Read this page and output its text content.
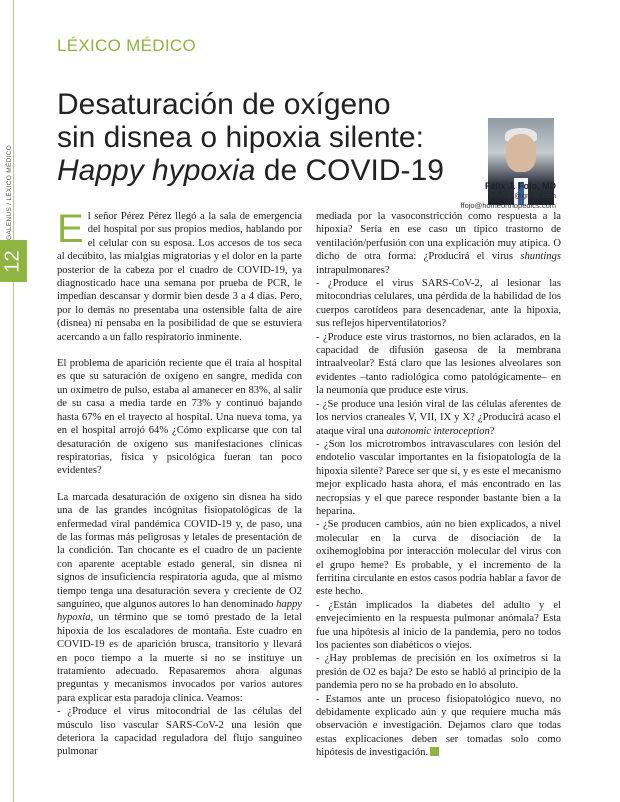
12
GALENUS / LÉXICO MÉDICO
LÉXICO MÉDICO
Desaturación de oxígeno
sin disnea o hipoxia silente:
Happy hypoxia de COVID-19	Félix J. Fojo, MD
felixfojo@gmail.com
ffojo@homeorthopedics.com

El señor Pérez Pérez llegó a la sala de emergencia del hospital por sus propios medios, hablando por el celular con su esposa. Los accesos de tos seca al decúbito, las mialgias migratorias y el dolor en la parte posterior de la cabeza por el cuadro de COVID-19, ya diagnosticado hace una semana por prueba de PCR, le impedían descansar y dormir bien desde 3 a 4 días. Pero, por lo demás no presentaba una ostensible falta de aire (disnea) ni pensaba en la posibilidad de que se estuviera acercando a un fallo respiratorio inminente.

El problema de aparición reciente que él traía al hospital es que su saturación de oxígeno en sangre, medida con un oxímetro de pulso, estaba al amanecer en 83%, al salir de su casa a media tarde en 73% y continuó bajando hasta 67% en el trayecto al hospital. Una nueva toma, ya en el hospital arrojó 64% ¿Cómo explicarse que con tal desaturación de oxígeno sus manifestaciones clínicas respiratorias, física y psicológica fueran tan poco evidentes?

La marcada desaturación de oxígeno sin disnea ha sido una de las grandes incógnitas fisiopatológicas de la enfermedad viral pandémica COVID-19 y, de paso, una de las formas más peligrosas y letales de presentación de la condición. Tan chocante es el cuadro de un paciente con aparente aceptable estado general, sin disnea ni signos de insuficiencia respiratoria aguda, que al mismo tiempo tenga una desaturación severa y creciente de O2 sanguíneo, que algunos autores lo han denominado happy hypoxia, un término que se tomó prestado de la letal hipoxia de los escaladores de montaña. Este cuadro en COVID-19 es de aparición brusca, transitorio y llevará en poco tiempo a la muerte si no se instituye un tratamiento adecuado. Repasaremos ahora algunas preguntas y mecanismos invocados por varios autores para explicar esta paradoja clínica. Veamos:

- ¿Produce el virus mitocondrial de las células del músculo liso vascular SARS-CoV-2 una lesión que deteriora la capacidad reguladora del flujo sanguíneo pulmonar

mediada por la vasoconstricción como respuesta a la hipoxia? Sería en ese caso un típico trastorno de ventilación/perfusión con una explicación muy atípica. O dicho de otra forma: ¿Producirá el virus shuntings intrapulmonares?

- ¿Produce el virus SARS-CoV-2, al lesionar las mitocondrias celulares, una pérdida de la habilidad de los cuerpos carotídeos para desencadenar, ante la hipoxia, sus reflejos hiperventilatorios?

- ¿Produce este virus trastornos, no bien aclarados, en la capacidad de difusión gaseosa de la membrana intraalveolar? Está claro que las lesiones alveolares son evidentes –tanto radiológica como patológicamente– en la neumonía que produce este virus.

- ¿Se produce una lesión viral de las células aferentes de los nervios craneales V, VII, IX y X? ¿Producirá acaso el ataque viral una autonomic interoception?

- ¿Son los microtrombos intravasculares con lesión del endotelio vascular importantes en la fisiopatología de la hipoxia silente? Parece ser que sí, y es este el mecanismo mejor explicado hasta ahora, el más encontrado en las necropsias y el que parece responder bastante bien a la heparina.

- ¿Se producen cambios, aún no bien explicados, a nivel molecular en la curva de disociación de la oxihemoglobina por interacción molecular del virus con el grupo heme? Es probable, y el incremento de la ferritina circulante en estos casos podría hablar a favor de este hecho.

- ¿Están implicados la diabetes del adulto y el envejecimiento en la respuesta pulmonar anómala? Esta fue una hipótesis al inicio de la pandemia, pero no todos los pacientes son diabéticos o viejos.

- ¿Hay problemas de precisión en los oxímetros si la presión de O2 es baja? De esto se habló al principio de la pandemia pero no se ha probado en lo absoluto.

- Estamos ante un proceso fisiopatológico nuevo, no debidamente explicado aún y que requiere mucha más observación e investigación. Dejamos claro que todas estas explicaciones deben ser tomadas solo como hipótesis de investigación.
